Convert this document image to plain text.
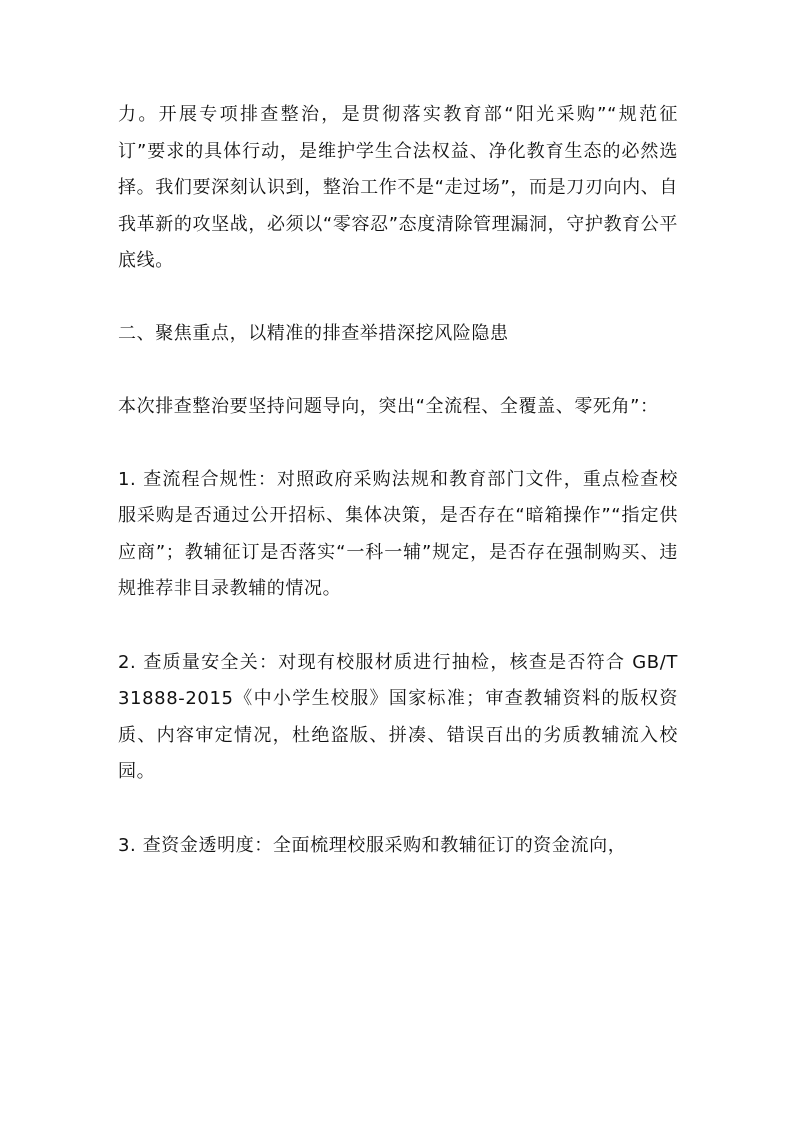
力。开展专项排查整治，是贯彻落实教育部“阳光采购”“规范征订”要求的具体行动，是维护学生合法权益、净化教育生态的必然选择。我们要深刻认识到，整治工作不是“走过场”，而是刀刃向内、自我革新的攻坚战，必须以“零容忍”态度清除管理漏洞，守护教育公平底线。

二、聚焦重点，以精准的排查举措深挖风险隐患

本次排查整治要坚持问题导向，突出“全流程、全覆盖、零死角”：

1. 查流程合规性：对照政府采购法规和教育部门文件，重点检查校服采购是否通过公开招标、集体决策，是否存在“暗箱操作”“指定供应商”；教辅征订是否落实“一科一辅”规定，是否存在强制购买、违规推荐非目录教辅的情况。

2. 查质量安全关：对现有校服材质进行抽检，核查是否符合 GB/T 31888-2015《中小学生校服》国家标准；审查教辅资料的版权资质、内容审定情况，杜绝盗版、拼凑、错误百出的劣质教辅流入校园。

3. 查资金透明度：全面梳理校服采购和教辅征订的资金流向，
